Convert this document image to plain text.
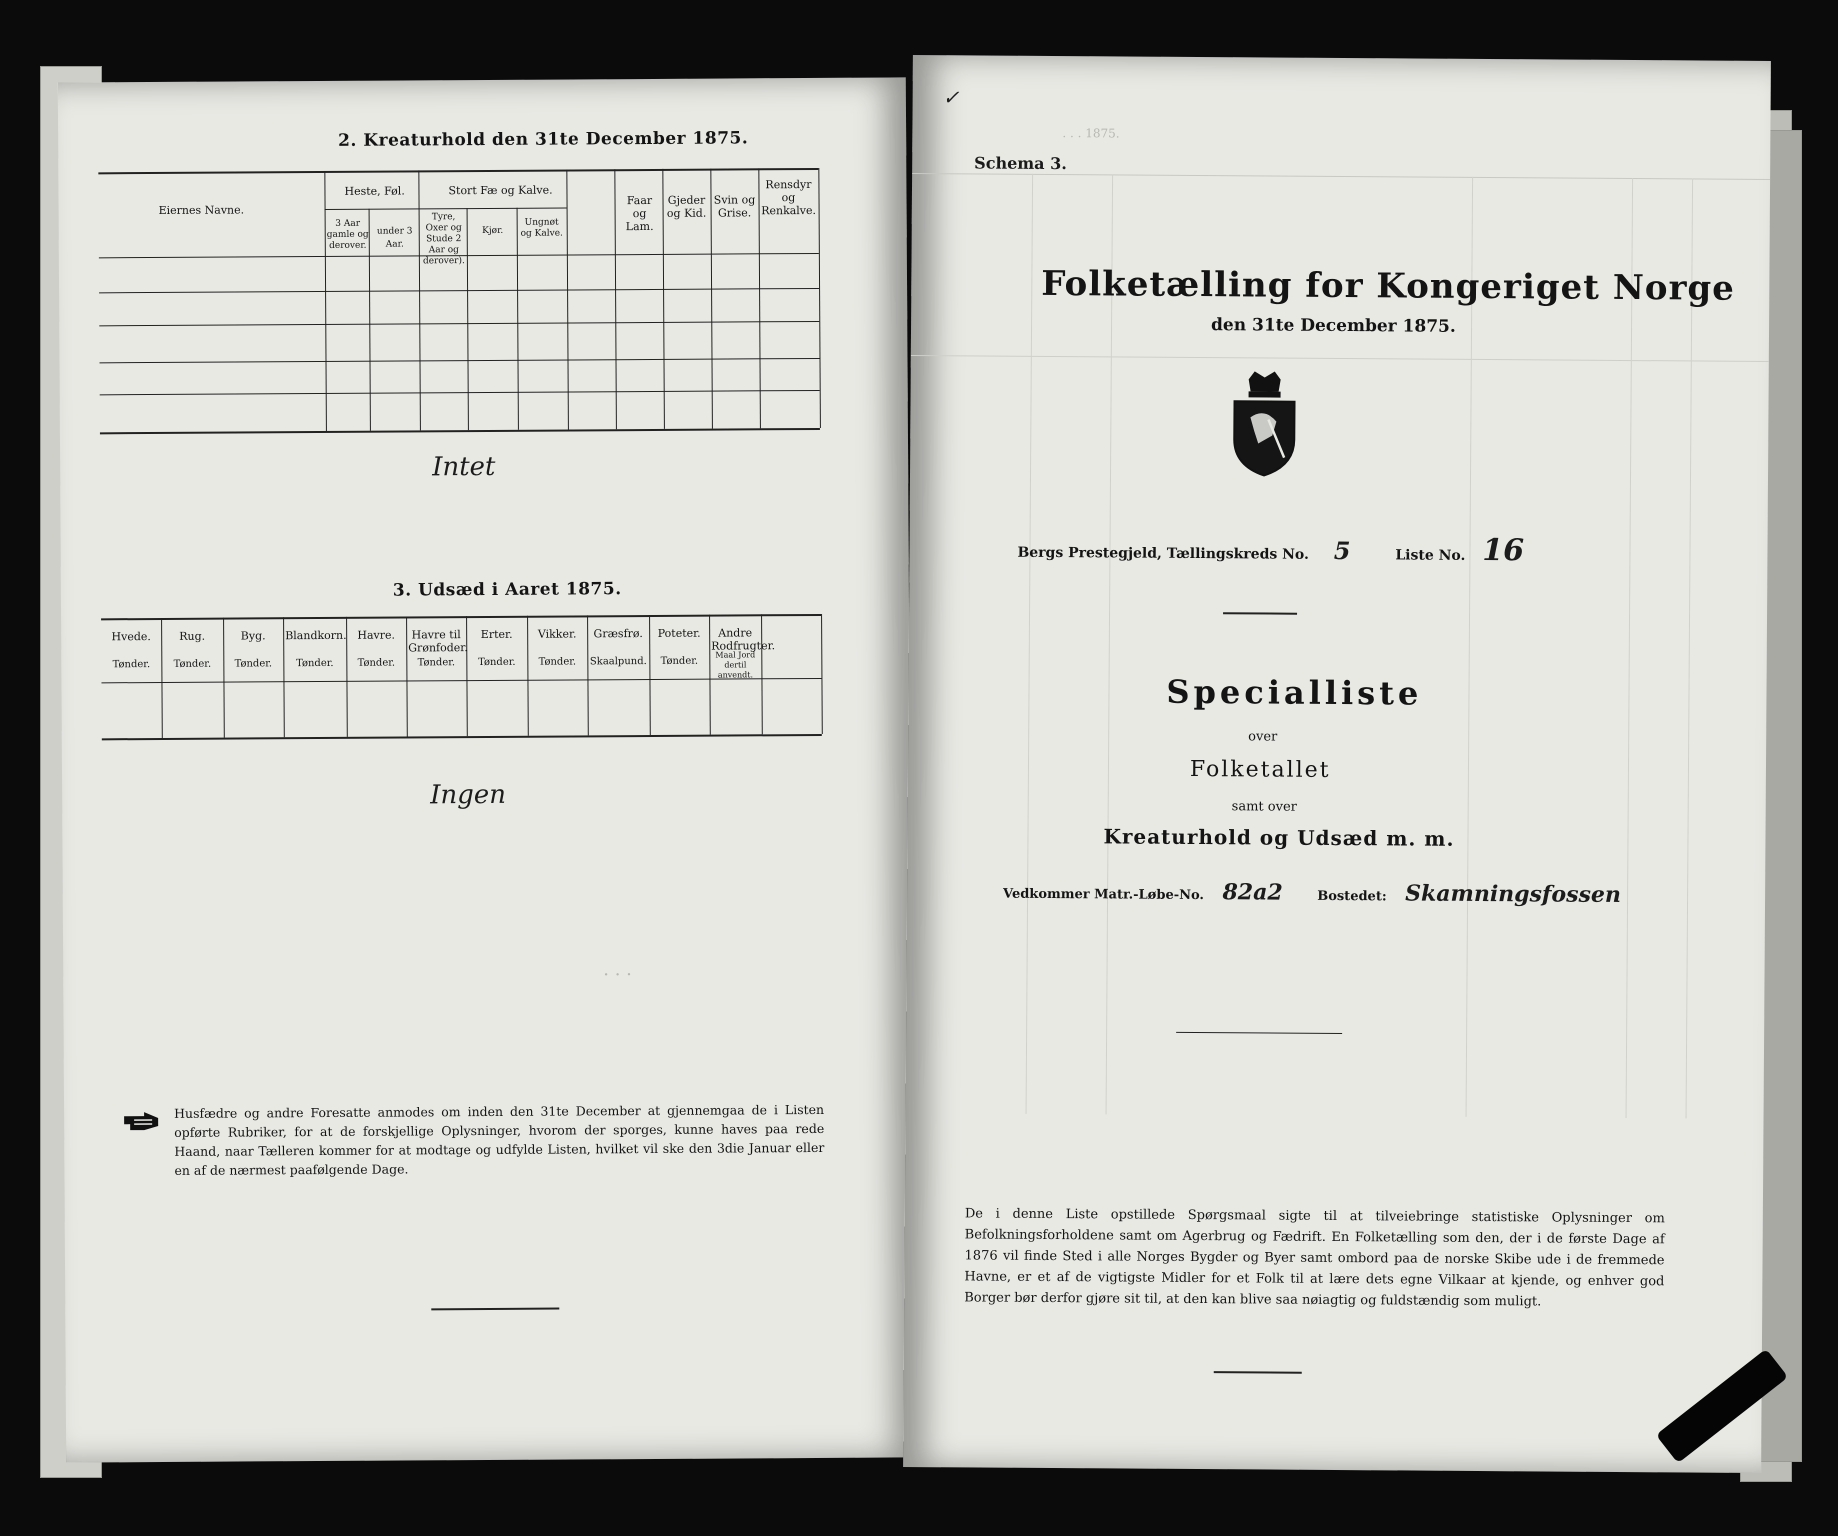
2. Kreaturhold den 31te December 1875.
Eiernes Navne.
Heste, Føl.
3 Aar gamle og derover.
under 3 Aar.
Stort Fæ og Kalve.
Tyre, Oxer og Stude 2 Aar og derover).
Kjør.
Ungnøt og Kalve.
Faar og Lam.
Gjeder og Kid.
Svin og Grise.
Rensdyr og Renkalve.
Intet
3. Udsæd i Aaret 1875.
Hvede.
Tønder.
Rug.
Tønder.
Byg.
Tønder.
Blandkorn.
Tønder.
Havre.
Tønder.
Havre til Grønfoder.
Tønder.
Erter.
Tønder.
Vikker.
Tønder.
Græsfrø.
Skaalpund.
Poteter.
Tønder.
Andre Rodfrugter.
Maal Jord dertil anvendt.
Ingen
. . .
Husfædre og andre Foresatte anmodes om inden den 31te December at gjennemgaa de i Listen opførte Rubriker, for at de forskjellige Oplysninger, hvorom der sporges, kunne haves paa rede Haand, naar Tælleren kommer for at modtage og udfylde Listen, hvilket vil ske den 3die Januar eller en af de nærmest paafølgende Dage.
✓
. . . 1875.
Schema 3.
Folketælling for Kongeriget Norge
den 31te December 1875.
Bergs Prestegjeld, Tællingskreds No. 5	Liste No. 16
Specialliste
over
Folketallet
samt over
Kreaturhold og Udsæd m. m.
Vedkommer Matr.-Løbe-No. 82a2	Bostedet: Skamningsfossen
De i denne Liste opstillede Spørgsmaal sigte til at tilveiebringe statistiske Oplysninger om Befolkningsforholdene samt om Agerbrug og Fædrift. En Folketælling som den, der i de første Dage af 1876 vil finde Sted i alle Norges Bygder og Byer samt ombord paa de norske Skibe ude i de fremmede Havne, er et af de vigtigste Midler for et Folk til at lære dets egne Vilkaar at kjende, og enhver god Borger bør derfor gjøre sit til, at den kan blive saa nøiagtig og fuldstændig som muligt.
